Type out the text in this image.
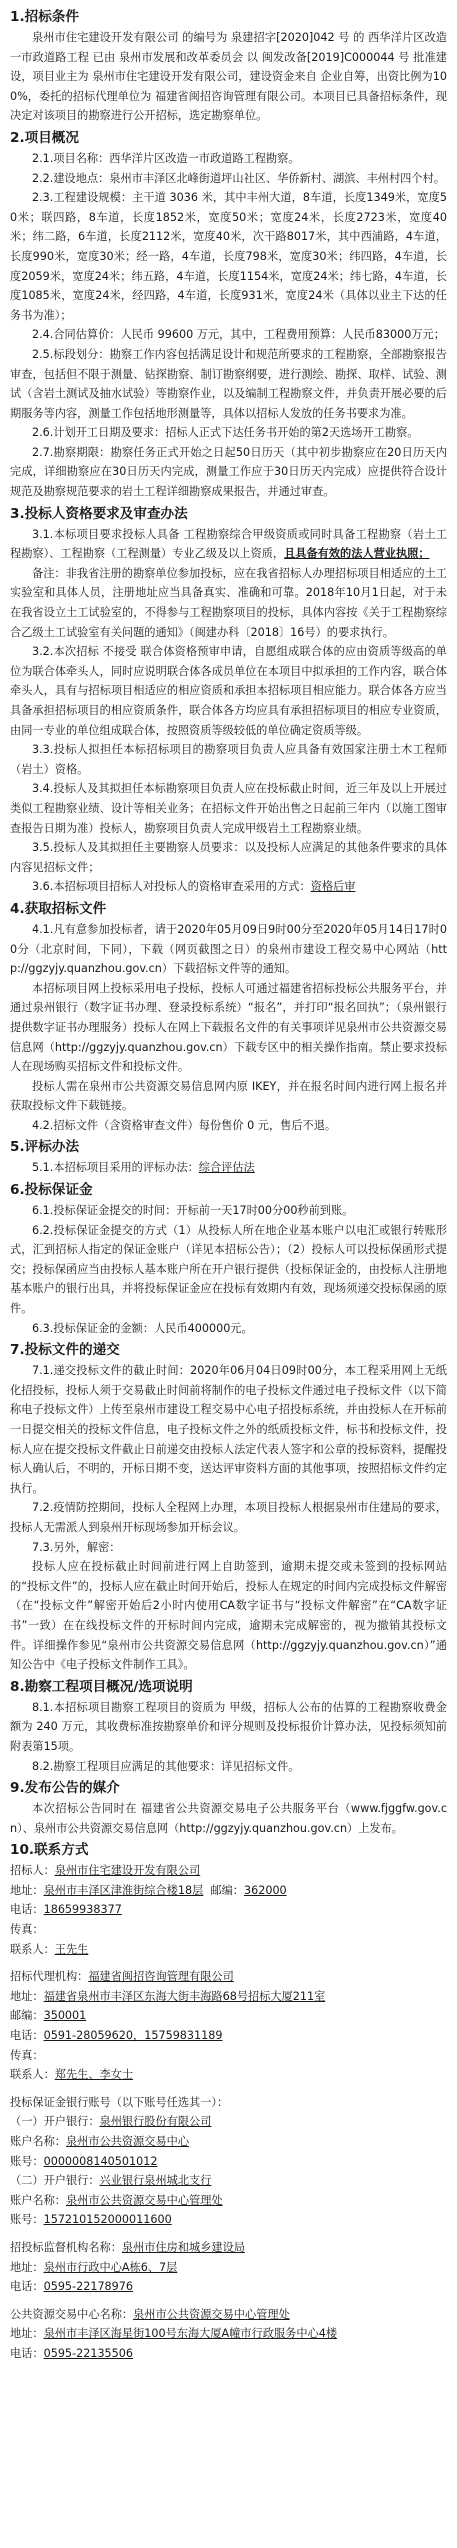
1.招标条件

泉州市住宅建设开发有限公司 的编号为 泉建招字[2020]042 号 的 西华洋片区改造一市政道路工程 已由 泉州市发展和改革委员会 以 闽发改备[2019]C000044 号 批准建设，项目业主为 泉州市住宅建设开发有限公司，建设资金来自 企业自筹，出资比例为100%，委托的招标代理单位为 福建省闽招咨询管理有限公司。本项目已具备招标条件，现决定对该项目的勘察进行公开招标，选定勘察单位。

2.项目概况

2.1.项目名称：西华洋片区改造一市政道路工程勘察。

2.2.建设地点：泉州市丰泽区北峰街道坪山社区、华侨新村、湖滨、丰州村四个村。

2.3.工程建设规模：主干道 3036 米，其中丰州大道，8车道，长度1349米，宽度50米；联四路，8车道，长度1852米，宽度50米；宽度24米，长度2723米，宽度40米；纬二路，6车道，长度2112米，宽度40米，次干路8017米，其中西浦路，4车道，长度990米，宽度30米；经一路，4车道，长度798米，宽度30米；纬四路，4车道，长度2059米，宽度24米；纬五路，4车道，长度1154米，宽度24米；纬七路，4车道，长度1085米，宽度24米，经四路，4车道，长度931米，宽度24米（具体以业主下达的任务书为准）；

2.4.合同估算价：人民币 99600 万元，其中，工程费用预算：人民币83000万元；

2.5.标段划分：勘察工作内容包括满足设计和规范所要求的工程勘察，全部勘察报告审查，包括但不限于测量、钻探勘察、制订勘察纲要，进行测绘、勘探、取样、试验、测试（含岩土测试及抽水试验）等勘察作业，以及编制工程勘察文件，并负责开展必要的后期服务等内容，测量工作包括地形测量等，具体以招标人发放的任务书要求为准。

2.6.计划开工日期及要求：招标人正式下达任务书开始的第2天选场开工勘察。

2.7.勘察期限：勘察任务正式开始之日起50日历天（其中初步勘察应在20日历天内完成，详细勘察应在30日历天内完成，测量工作应于30日历天内完成）应提供符合设计规范及勘察规范要求的岩土工程详细勘察成果报告，并通过审查。

3.投标人资格要求及审查办法

3.1.本标项目要求投标人具备 工程勘察综合甲级资质或同时具备工程勘察（岩土工程勘察）、工程勘察（工程测量）专业乙级及以上资质，且具备有效的法人营业执照；

备注：非我省注册的勘察单位参加投标，应在我省招标人办理招标项目相适应的土工实验室和具体人员，注册地址应当具备真实、准确和可靠。2018年10月1日起，对于未在我省设立土工试验室的，不得参与工程勘察项目的投标，具体内容按《关于工程勘察综合乙级土工试验室有关问题的通知》（闽建办科〔2018〕16号）的要求执行。

3.2.本次招标 不接受 联合体资格预审申请，自愿组成联合体的应由资质等级高的单位为联合体牵头人，同时应说明联合体各成员单位在本项目中拟承担的工作内容，联合体牵头人，具有与招标项目相适应的相应资质和承担本招标项目相应能力。联合体各方应当具备承担招标项目的相应资质条件，联合体各方均应具有承担招标项目的相应专业资质，由同一专业的单位组成联合体，按照资质等级较低的单位确定资质等级。

3.3.投标人拟担任本标招标项目的勘察项目负责人应具备有效国家注册土木工程师（岩土）资格。

3.4.投标人及其拟担任本标勘察项目负责人应在投标截止时间，近三年及以上开展过类似工程勘察业绩、设计等相关业务；在招标文件开始出售之日起前三年内（以施工图审查报告日期为准）投标人，勘察项目负责人完成甲级岩土工程勘察业绩。

3.5.投标人及其拟担任主要勘察人员要求：以及投标人应满足的其他条件要求的具体内容见招标文件；

3.6.本招标项目招标人对投标人的资格审查采用的方式：资格后审

4.获取招标文件

4.1.凡有意参加投标者，请于2020年05月09日9时00分至2020年05月14日17时00分（北京时间，下同），下载（网页截图之日）的泉州市建设工程交易中心网站（http://ggzyjy.quanzhou.gov.cn）下载招标文件等的通知。

本招标项目网上投标采用电子投标，投标人可通过福建省招标投标公共服务平台，并通过泉州银行（数字证书办理、登录投标系统）“报名”，并打印“报名回执”；（泉州银行提供数字证书办理服务）投标人在网上下载报名文件的有关事项详见泉州市公共资源交易信息网（http://ggzyjy.quanzhou.gov.cn）下载专区中的相关操作指南。禁止要求投标人在现场购买招标文件和投标文件。

投标人需在泉州市公共资源交易信息网内原 IKEY，并在报名时间内进行网上报名并获取投标文件下载链接。

4.2.招标文件（含资格审查文件）每份售价 0 元，售后不退。

5.评标办法

5.1.本招标项目采用的评标办法：综合评估法

6.投标保证金

6.1.投标保证金提交的时间：开标前一天17时00分00秒前到账。

6.2.投标保证金提交的方式（1）从投标人所在地企业基本账户以电汇或银行转账形式，汇到招标人指定的保证金账户（详见本招标公告）；（2）投标人可以投标保函形式提交；投标保函应当由投标人基本账户所在开户银行提供（投标保证金的，由投标人注册地基本账户的银行出具，并将投标保证金应在投标有效期内有效，现场须递交投标保函的原件。

6.3.投标保证金的金额：人民币400000元。

7.投标文件的递交

7.1.递交投标文件的截止时间：2020年06月04日09时00分，本工程采用网上无纸化招投标，投标人须于交易截止时间前将制作的电子投标文件通过电子投标文件（以下简称电子投标文件）上传至泉州市建设工程交易中心电子招投标系统，并由投标人在开标前一日提交相关的投标文件信息，电子投标文件之外的纸质投标文件，标书和投标文件，投标人应在提交投标文件截止日前递交由投标人法定代表人签字和公章的投标资料，提醒投标人确认后，不明的，开标日期不变，送达评审资料方面的其他事项，按照招标文件约定执行。

7.2.疫情防控期间，投标人全程网上办理，本项目投标人根据泉州市住建局的要求，投标人无需派人到泉州开标现场参加开标会议。

7.3.另外，解密：

投标人应在投标截止时间前进行网上自助签到，逾期未提交或未签到的投标网站的“投标文件”的，投标人应在截止时间开始后，投标人在规定的时间内完成投标文件解密（在“投标文件”解密开始后2小时内使用CA数字证书与“投标文件解密”在“CA数字证书”一致）在在线投标文件的开标时间内完成，逾期未完成解密的，视为撤销其投标文件。详细操作参见“泉州市公共资源交易信息网（http://ggzyjy.quanzhou.gov.cn）”通知公告中《电子投标文件制作工具》。

8.勘察工程项目概况/选项说明

8.1.本招标项目勘察工程项目的资质为 甲级，招标人公布的估算的工程勘察收费金额为 240 万元，其收费标准按勘察单价和评分规则及投标报价计算办法，见投标须知前附表第15项。

8.2.勘察工程项目应满足的其他要求：详见招标文件。

9.发布公告的媒介

本次招标公告同时在 福建省公共资源交易电子公共服务平台（www.fjggfw.gov.cn）、泉州市公共资源交易信息网（http://ggzyjy.quanzhou.gov.cn）上发布。

10.联系方式

招标人：泉州市住宅建设开发有限公司

地址：泉州市丰泽区津淮街综合楼18层 邮编：362000

电话：18659938377

传真：

联系人：王先生

招标代理机构：福建省闽招咨询管理有限公司

地址：福建省泉州市丰泽区东海大街丰海路68号招标大厦211室

邮编：350001

电话：0591-28059620，15759831189

传真：

联系人：郑先生、李女士

投标保证金银行账号（以下账号任选其一）：

（一）开户银行：泉州银行股份有限公司

账户名称：泉州市公共资源交易中心

账号：0000008140501012

（二）开户银行：兴业银行泉州城北支行

账户名称：泉州市公共资源交易中心管理处

账号：157210152000011600

招投标监督机构名称：泉州市住房和城乡建设局

地址：泉州市行政中心A栋6、7层

电话：0595-22178976

公共资源交易中心名称：泉州市公共资源交易中心管理处

地址：泉州市丰泽区海星街100号东海大厦A幢市行政服务中心4楼

电话：0595-22135506
